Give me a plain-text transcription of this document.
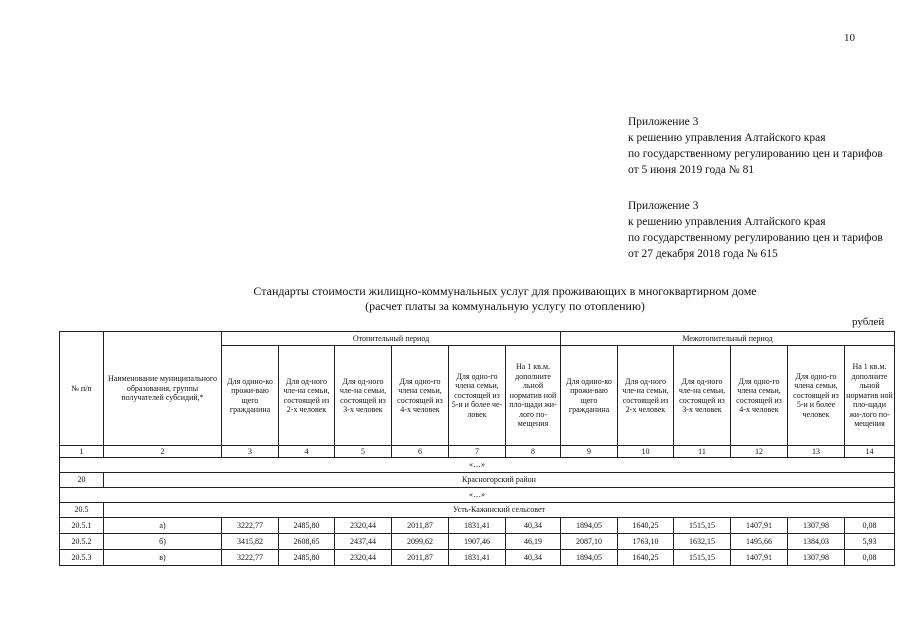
10
Приложение 3
к решению управления Алтайского края
по государственному регулированию цен и тарифов
от 5 июня 2019 года № 81
Приложение 3
к решению управления Алтайского края
по государственному регулированию цен и тарифов
от 27 декабря 2018 года № 615
Стандарты стоимости жилищно-коммунальных услуг для проживающих в многоквартирном доме
(расчет платы за коммунальную услугу по отоплению)
рублей
№ п/п	Наименование муниципального образования, группы получателей субсидий,*	Отопительный период						Межотопительный период					
		Для одино-ко прожи-ваю щего гражданина	Для од-ного чле-на семьи, состоящей из 2-х человек	Для од-ного чле-на семьи, состоящей из 3-х человек	Для одно-го члена семьи, состоящей из 4-х человек	Для одно-го члена семьи, состоящей из 5-и и более че-ловек	На 1 кв.м. дополните льной норматив ной пло-щади жи-лого по-мещения	Для одино-ко прожи-ваю щего гражданина	Для од-ного чле-на семьи, состоящей из 2-х человек	Для од-ного чле-на семьи, состоящей из 3-х человек	Для одно-го члена семьи, состоящей из 4-х человек	Для одно-го члена семьи, состоящей из 5-и и более человек	На 1 кв.м. дополните льной норматив ной пло-щади жи-лого по-мещения
1	2	3	4	5	6	7	8	9	10	11	12	13	14
«…»													
20	Красногорский район												
«…»													
20.5	Усть-Кажинский сельсовет												
20.5.1	а)	3222,77	2485,80	2320,44	2011,87	1831,41	40,34	1894,05	1640,25	1515,15	1407,91	1307,98	0,08
20.5.2	б)	3415,82	2608,65	2437,44	2099,62	1907,46	46,19	2087,10	1763,10	1632,15	1495,66	1384,03	5,93
20.5.3	в)	3222,77	2485,80	2320,44	2011,87	1831,41	40,34	1894,05	1640,25	1515,15	1407,91	1307,98	0,08
